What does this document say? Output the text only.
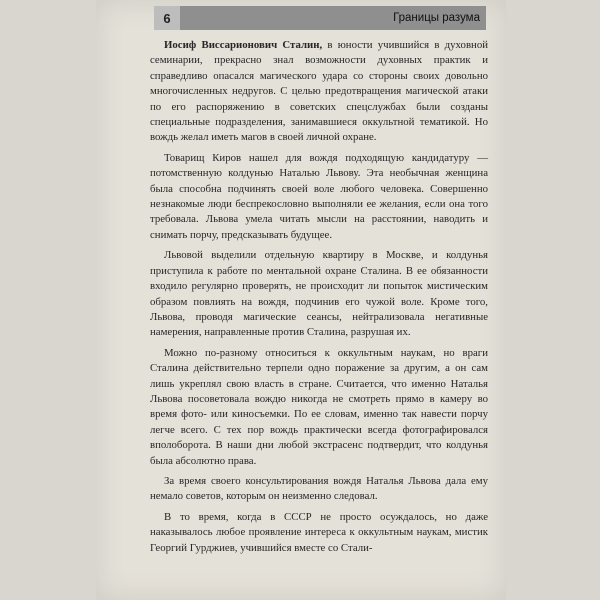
6	Границы разума

Иосиф Виссарионович Сталин, в юности учившийся в духовной семинарии, прекрасно знал возможности духовных практик и справедливо опасался магического удара со стороны своих довольно многочисленных недругов. С целью предотвращения магической атаки по его распоряжению в советских спецслужбах были созданы специальные подразделения, занимавшиеся оккультной тематикой. Но вождь желал иметь магов в своей личной охране.

Товарищ Киров нашел для вождя подходящую кандидатуру — потомственную колдунью Наталью Львову. Эта необычная женщина была способна подчинять своей воле любого человека. Совершенно незнакомые люди беспрекословно выполняли ее желания, если она того требовала. Львова умела читать мысли на расстоянии, наводить и снимать порчу, предсказывать будущее.

Львовой выделили отдельную квартиру в Москве, и колдунья приступила к работе по ментальной охране Сталина. В ее обязанности входило регулярно проверять, не происходит ли попыток мистическим образом повлиять на вождя, подчинив его чужой воле. Кроме того, Львова, проводя магические сеансы, нейтрализовала негативные намерения, направленные против Сталина, разрушая их.

Можно по-разному относиться к оккультным наукам, но враги Сталина действительно терпели одно поражение за другим, а он сам лишь укреплял свою власть в стране. Считается, что именно Наталья Львова посоветовала вождю никогда не смотреть прямо в камеру во время фото- или киносъемки. По ее словам, именно так навести порчу легче всего. С тех пор вождь практически всегда фотографировался вполоборота. В наши дни любой экстрасенс подтвердит, что колдунья была абсолютно права.

За время своего консультирования вождя Наталья Львова дала ему немало советов, которым он неизменно следовал.

В то время, когда в СССР не просто осуждалось, но даже наказывалось любое проявление интереса к оккультным наукам, мистик Георгий Гурджиев, учившийся вместе со Стали-
